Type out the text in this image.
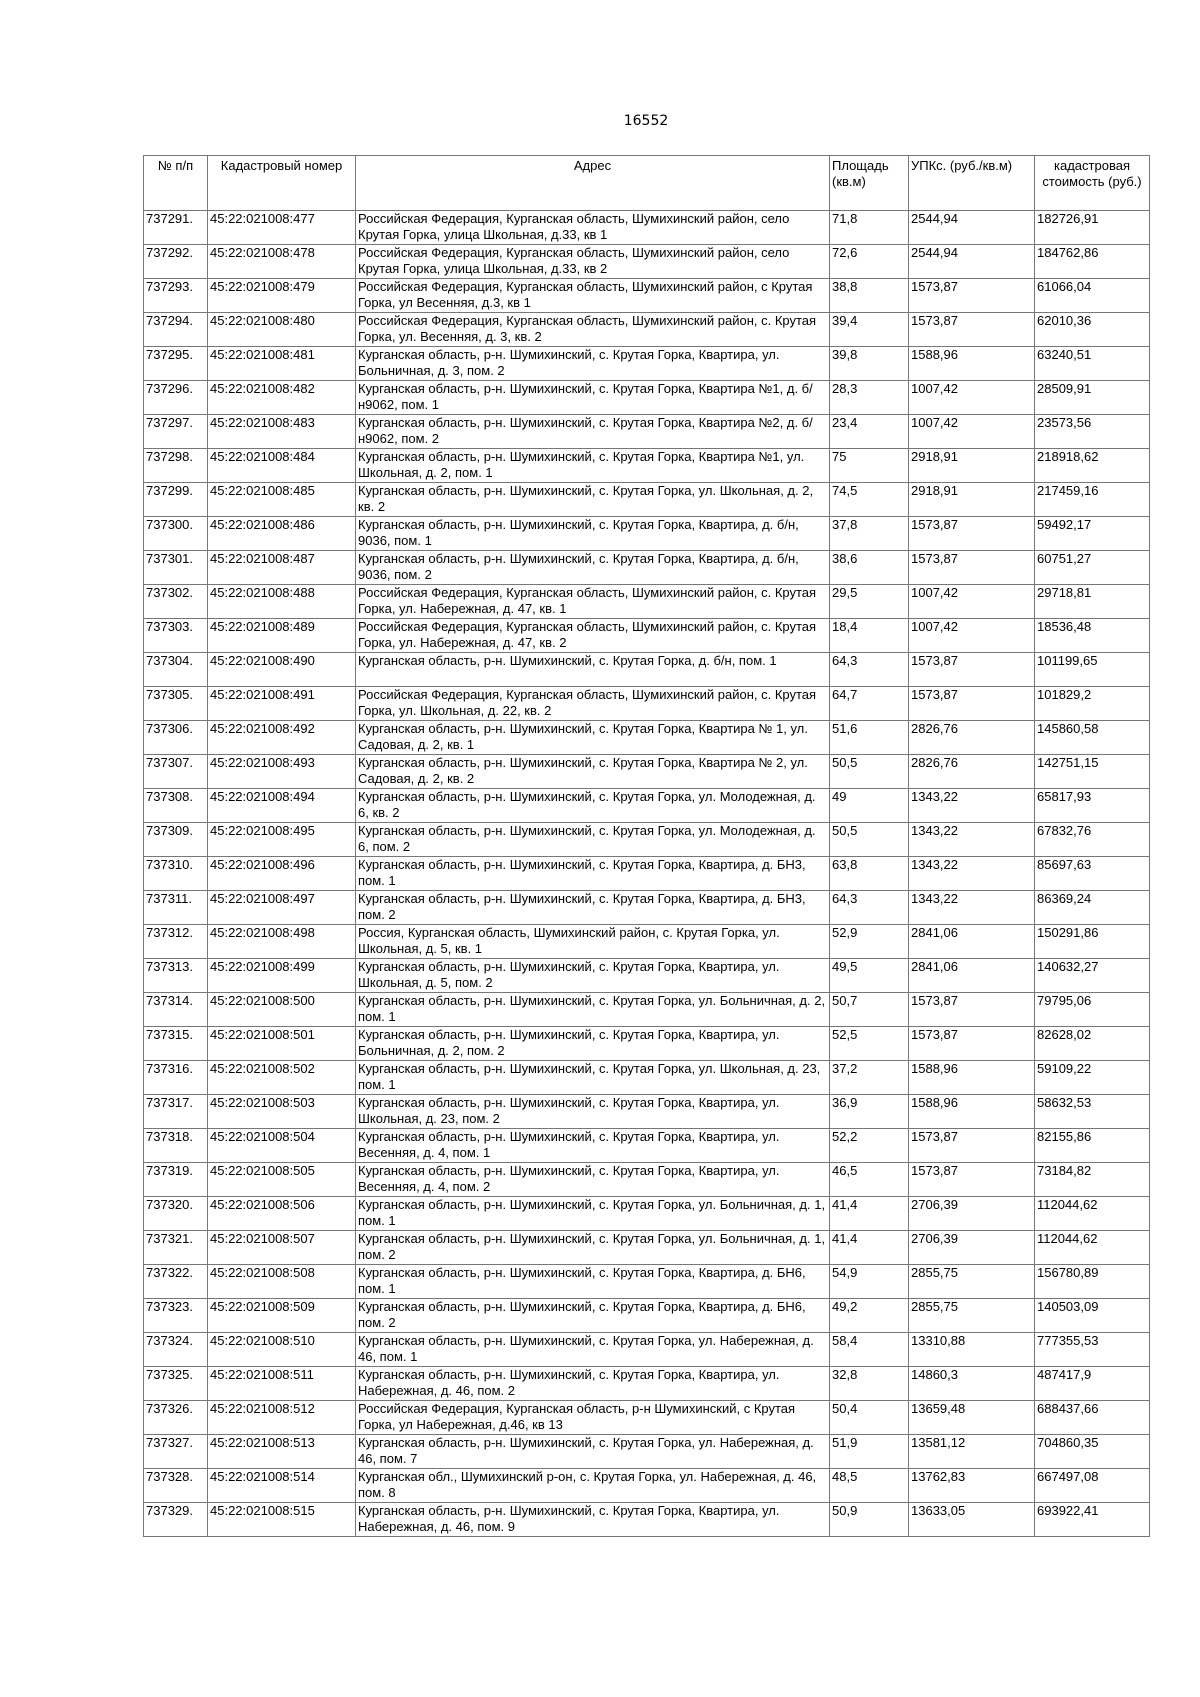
16552
№ п/п	Кадастровый номер	Адрес	Площадь (кв.м)	УПКс. (руб./кв.м)	кадастровая стоимость (руб.)
737291.	45:22:021008:477	Российская Федерация, Курганская область, Шумихинский район, село Крутая Горка, улица Школьная, д.33, кв 1	71,8	2544,94	182726,91
737292.	45:22:021008:478	Российская Федерация, Курганская область, Шумихинский район, село Крутая Горка, улица Школьная, д.33, кв 2	72,6	2544,94	184762,86
737293.	45:22:021008:479	Российская Федерация, Курганская область, Шумихинский район, с Крутая Горка, ул Весенняя, д.3, кв 1	38,8	1573,87	61066,04
737294.	45:22:021008:480	Российская Федерация, Курганская область, Шумихинский район, с. Крутая Горка, ул. Весенняя, д. 3, кв. 2	39,4	1573,87	62010,36
737295.	45:22:021008:481	Курганская область, р-н. Шумихинский, с. Крутая Горка, Квартира, ул. Больничная, д. 3, пом. 2	39,8	1588,96	63240,51
737296.	45:22:021008:482	Курганская область, р-н. Шумихинский, с. Крутая Горка, Квартира №1, д. б/н9062, пом. 1	28,3	1007,42	28509,91
737297.	45:22:021008:483	Курганская область, р-н. Шумихинский, с. Крутая Горка, Квартира №2, д. б/н9062, пом. 2	23,4	1007,42	23573,56
737298.	45:22:021008:484	Курганская область, р-н. Шумихинский, с. Крутая Горка, Квартира №1, ул. Школьная, д. 2, пом. 1	75	2918,91	218918,62
737299.	45:22:021008:485	Курганская область, р-н. Шумихинский, с. Крутая Горка, ул. Школьная, д. 2, кв. 2	74,5	2918,91	217459,16
737300.	45:22:021008:486	Курганская область, р-н. Шумихинский, с. Крутая Горка, Квартира, д. б/н, 9036, пом. 1	37,8	1573,87	59492,17
737301.	45:22:021008:487	Курганская область, р-н. Шумихинский, с. Крутая Горка, Квартира, д. б/н, 9036, пом. 2	38,6	1573,87	60751,27
737302.	45:22:021008:488	Российская Федерация, Курганская область, Шумихинский район, с. Крутая Горка, ул. Набережная, д. 47, кв. 1	29,5	1007,42	29718,81
737303.	45:22:021008:489	Российская Федерация, Курганская область, Шумихинский район, с. Крутая Горка, ул. Набережная, д. 47, кв. 2	18,4	1007,42	18536,48
737304.	45:22:021008:490	Курганская область, р-н. Шумихинский, с. Крутая Горка, д. б/н, пом. 1	64,3	1573,87	101199,65
737305.	45:22:021008:491	Российская Федерация, Курганская область, Шумихинский район, с. Крутая Горка, ул. Школьная, д. 22, кв. 2	64,7	1573,87	101829,2
737306.	45:22:021008:492	Курганская область, р-н. Шумихинский, с. Крутая Горка, Квартира № 1, ул. Садовая, д. 2, кв. 1	51,6	2826,76	145860,58
737307.	45:22:021008:493	Курганская область, р-н. Шумихинский, с. Крутая Горка, Квартира № 2, ул. Садовая, д. 2, кв. 2	50,5	2826,76	142751,15
737308.	45:22:021008:494	Курганская область, р-н. Шумихинский, с. Крутая Горка, ул. Молодежная, д. 6, кв. 2	49	1343,22	65817,93
737309.	45:22:021008:495	Курганская область, р-н. Шумихинский, с. Крутая Горка, ул. Молодежная, д. 6, пом. 2	50,5	1343,22	67832,76
737310.	45:22:021008:496	Курганская область, р-н. Шумихинский, с. Крутая Горка, Квартира, д. БН3, пом. 1	63,8	1343,22	85697,63
737311.	45:22:021008:497	Курганская область, р-н. Шумихинский, с. Крутая Горка, Квартира, д. БН3, пом. 2	64,3	1343,22	86369,24
737312.	45:22:021008:498	Россия, Курганская область, Шумихинский район, с. Крутая Горка, ул. Школьная, д. 5, кв. 1	52,9	2841,06	150291,86
737313.	45:22:021008:499	Курганская область, р-н. Шумихинский, с. Крутая Горка, Квартира, ул. Школьная, д. 5, пом. 2	49,5	2841,06	140632,27
737314.	45:22:021008:500	Курганская область, р-н. Шумихинский, с. Крутая Горка, ул. Больничная, д. 2, пом. 1	50,7	1573,87	79795,06
737315.	45:22:021008:501	Курганская область, р-н. Шумихинский, с. Крутая Горка, Квартира, ул. Больничная, д. 2, пом. 2	52,5	1573,87	82628,02
737316.	45:22:021008:502	Курганская область, р-н. Шумихинский, с. Крутая Горка, ул. Школьная, д. 23, пом. 1	37,2	1588,96	59109,22
737317.	45:22:021008:503	Курганская область, р-н. Шумихинский, с. Крутая Горка, Квартира, ул. Школьная, д. 23, пом. 2	36,9	1588,96	58632,53
737318.	45:22:021008:504	Курганская область, р-н. Шумихинский, с. Крутая Горка, Квартира, ул. Весенняя, д. 4, пом. 1	52,2	1573,87	82155,86
737319.	45:22:021008:505	Курганская область, р-н. Шумихинский, с. Крутая Горка, Квартира, ул. Весенняя, д. 4, пом. 2	46,5	1573,87	73184,82
737320.	45:22:021008:506	Курганская область, р-н. Шумихинский, с. Крутая Горка, ул. Больничная, д. 1, пом. 1	41,4	2706,39	112044,62
737321.	45:22:021008:507	Курганская область, р-н. Шумихинский, с. Крутая Горка, ул. Больничная, д. 1, пом. 2	41,4	2706,39	112044,62
737322.	45:22:021008:508	Курганская область, р-н. Шумихинский, с. Крутая Горка, Квартира, д. БН6, пом. 1	54,9	2855,75	156780,89
737323.	45:22:021008:509	Курганская область, р-н. Шумихинский, с. Крутая Горка, Квартира, д. БН6, пом. 2	49,2	2855,75	140503,09
737324.	45:22:021008:510	Курганская область, р-н. Шумихинский, с. Крутая Горка, ул. Набережная, д. 46, пом. 1	58,4	13310,88	777355,53
737325.	45:22:021008:511	Курганская область, р-н. Шумихинский, с. Крутая Горка, Квартира, ул. Набережная, д. 46, пом. 2	32,8	14860,3	487417,9
737326.	45:22:021008:512	Российская Федерация, Курганская область, р-н Шумихинский, с Крутая Горка, ул Набережная, д.46, кв 13	50,4	13659,48	688437,66
737327.	45:22:021008:513	Курганская область, р-н. Шумихинский, с. Крутая Горка, ул. Набережная, д. 46, пом. 7	51,9	13581,12	704860,35
737328.	45:22:021008:514	Курганская обл., Шумихинский р-он, с. Крутая Горка, ул. Набережная, д. 46, пом. 8	48,5	13762,83	667497,08
737329.	45:22:021008:515	Курганская область, р-н. Шумихинский, с. Крутая Горка, Квартира, ул. Набережная, д. 46, пом. 9	50,9	13633,05	693922,41
